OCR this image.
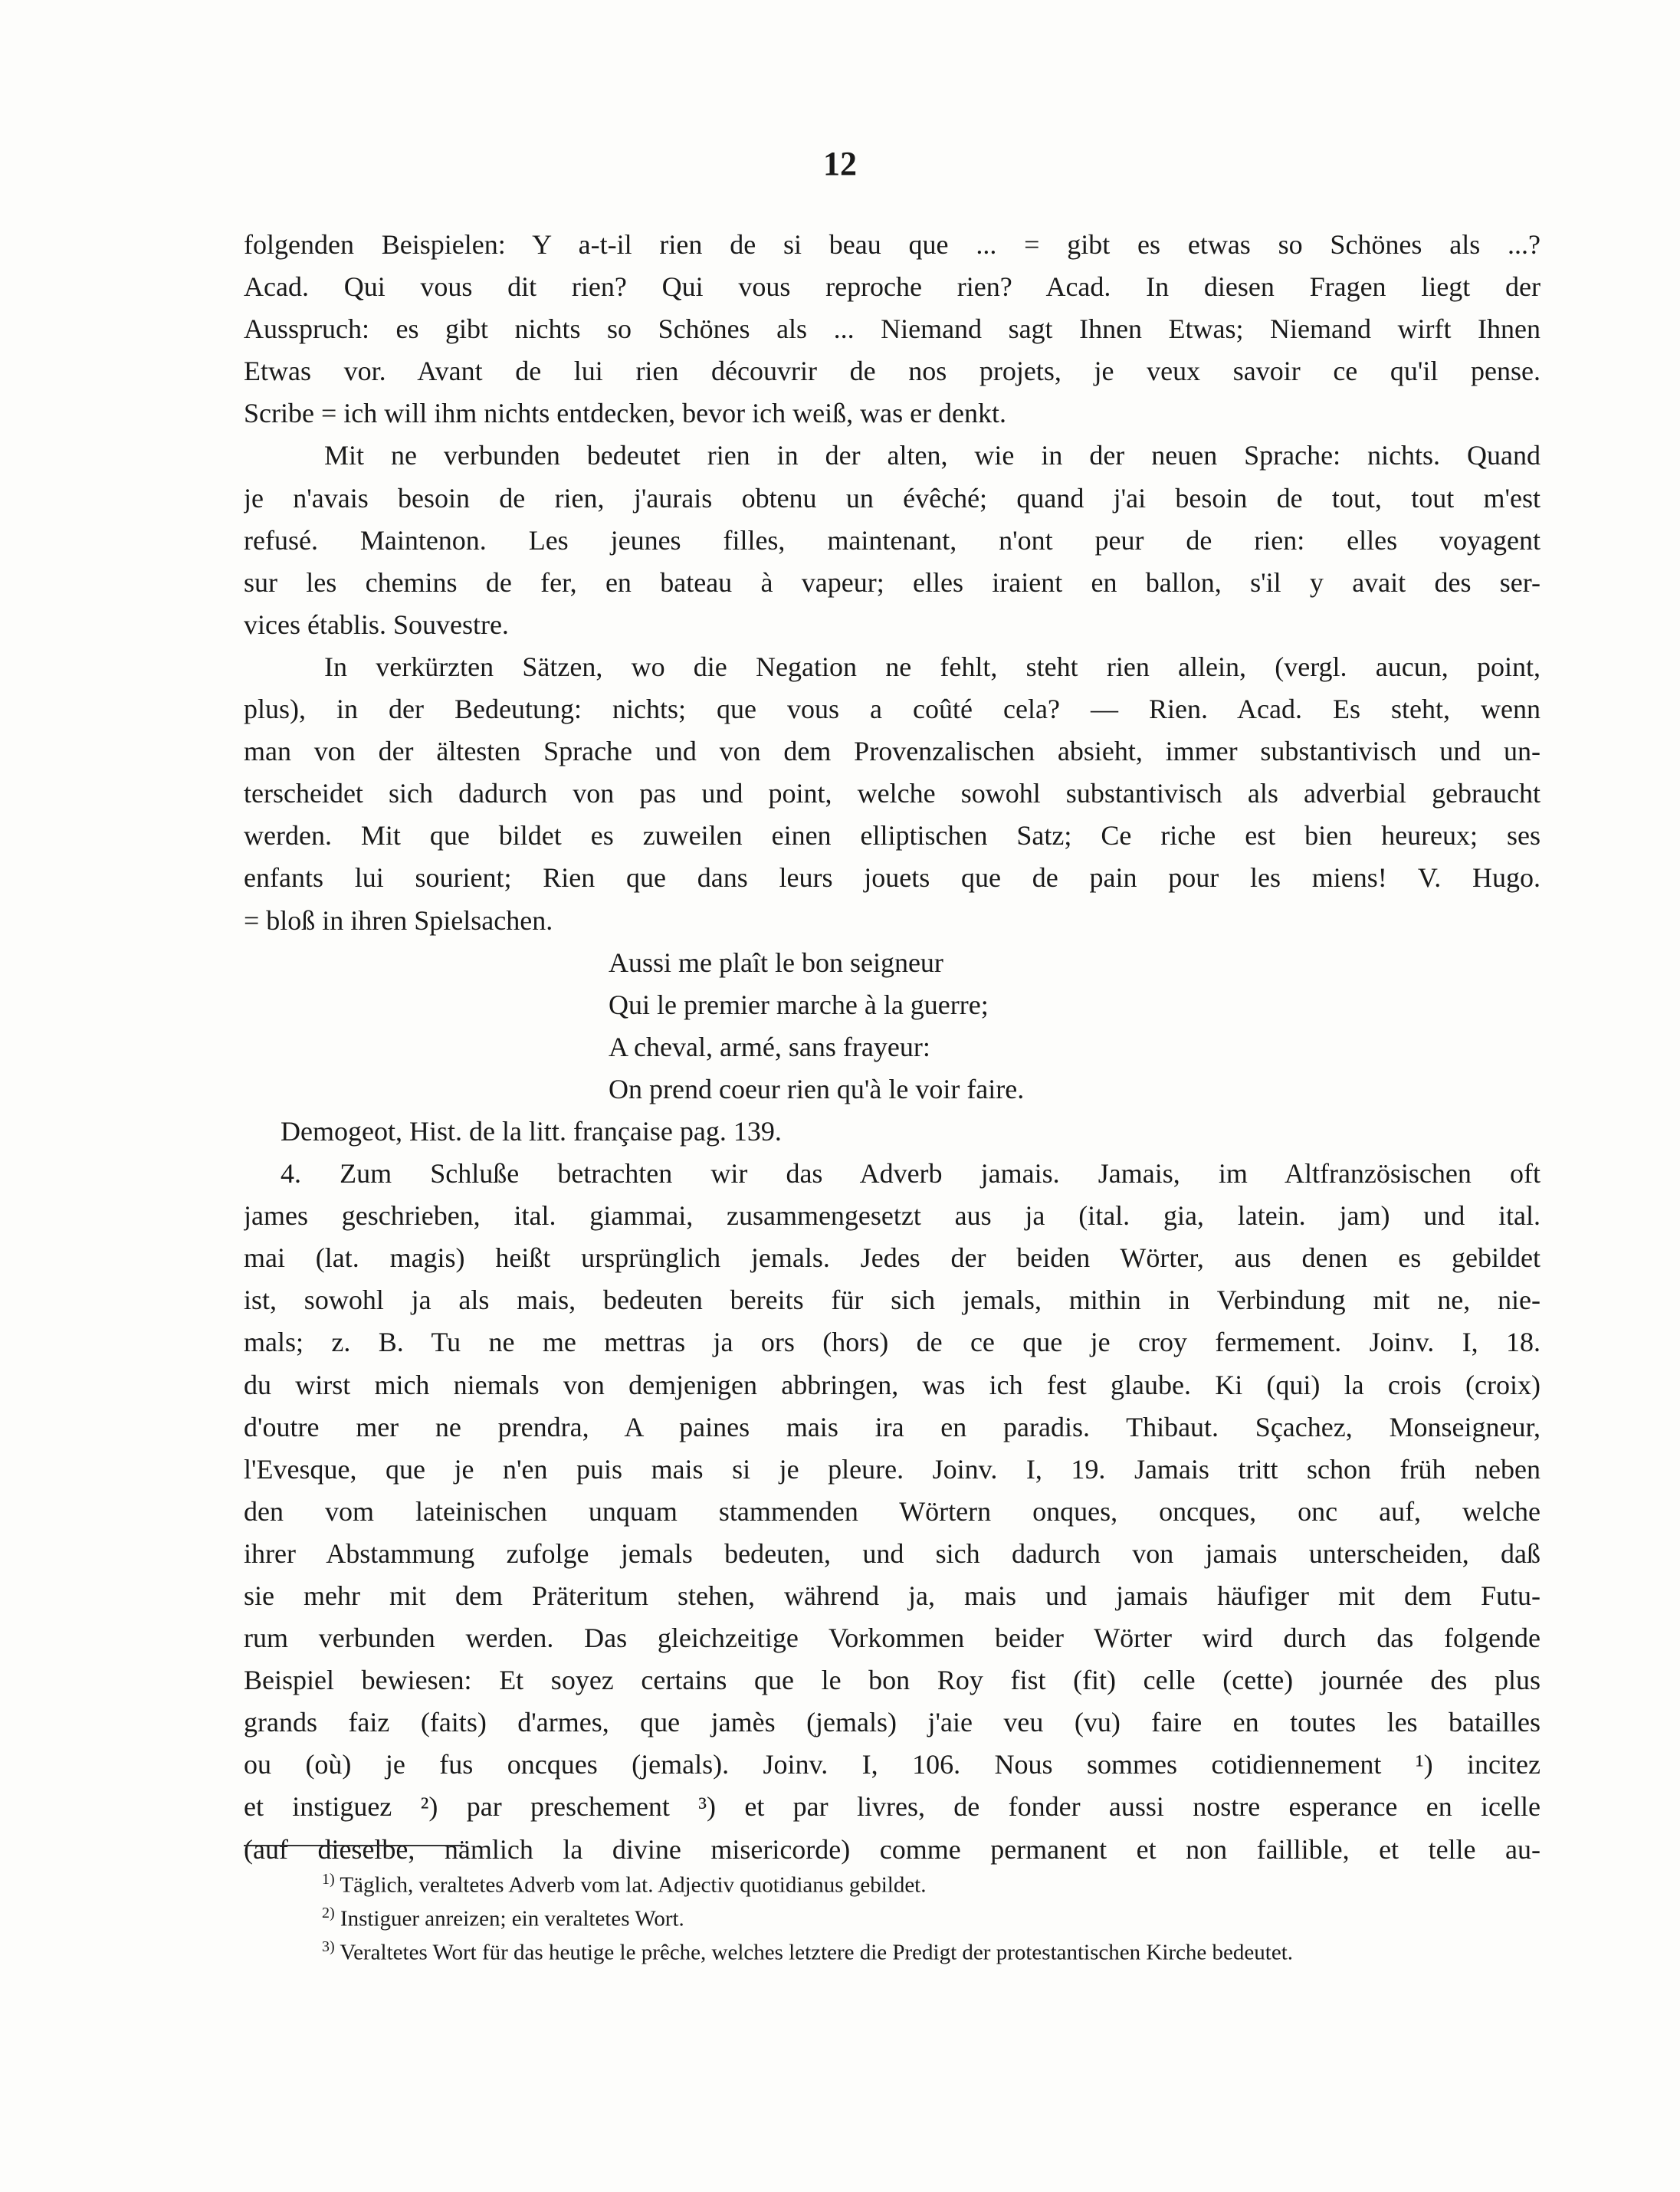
12
folgenden Beispielen: Y a-t-il rien de si beau que ... = gibt es etwas so Schönes als ...?
Acad. Qui vous dit rien? Qui vous reproche rien? Acad. In diesen Fragen liegt der
Ausspruch: es gibt nichts so Schönes als ... Niemand sagt Ihnen Etwas; Niemand wirft Ihnen
Etwas vor. Avant de lui rien découvrir de nos projets, je veux savoir ce qu'il pense.
Scribe = ich will ihm nichts entdecken, bevor ich weiß, was er denkt.
Mit ne verbunden bedeutet rien in der alten, wie in der neuen Sprache: nichts. Quand
je n'avais besoin de rien, j'aurais obtenu un évêché; quand j'ai besoin de tout, tout m'est
refusé. Maintenon. Les jeunes filles, maintenant, n'ont peur de rien: elles voyagent
sur les chemins de fer, en bateau à vapeur; elles iraient en ballon, s'il y avait des ser-
vices établis. Souvestre.
In verkürzten Sätzen, wo die Negation ne fehlt, steht rien allein, (vergl. aucun, point,
plus), in der Bedeutung: nichts; que vous a coûté cela? — Rien. Acad. Es steht, wenn
man von der ältesten Sprache und von dem Provenzalischen absieht, immer substantivisch und un-
terscheidet sich dadurch von pas und point, welche sowohl substantivisch als adverbial gebraucht
werden. Mit que bildet es zuweilen einen elliptischen Satz; Ce riche est bien heureux; ses
enfants lui sourient; Rien que dans leurs jouets que de pain pour les miens! V. Hugo.
= bloß in ihren Spielsachen.
Aussi me plaît le bon seigneur
Qui le premier marche à la guerre;
A cheval, armé, sans frayeur:
On prend coeur rien qu'à le voir faire.
Demogeot, Hist. de la litt. française pag. 139.
4. Zum Schluße betrachten wir das Adverb jamais. Jamais, im Altfranzösischen oft
james geschrieben, ital. giammai, zusammengesetzt aus ja (ital. gia, latein. jam) und ital.
mai (lat. magis) heißt ursprünglich jemals. Jedes der beiden Wörter, aus denen es gebildet
ist, sowohl ja als mais, bedeuten bereits für sich jemals, mithin in Verbindung mit ne, nie-
mals; z. B. Tu ne me mettras ja ors (hors) de ce que je croy fermement. Joinv. I, 18.
du wirst mich niemals von demjenigen abbringen, was ich fest glaube. Ki (qui) la crois (croix)
d'outre mer ne prendra, A paines mais ira en paradis. Thibaut. Sçachez, Monseigneur,
l'Evesque, que je n'en puis mais si je pleure. Joinv. I, 19. Jamais tritt schon früh neben
den vom lateinischen unquam stammenden Wörtern onques, oncques, onc auf, welche
ihrer Abstammung zufolge jemals bedeuten, und sich dadurch von jamais unterscheiden, daß
sie mehr mit dem Präteritum stehen, während ja, mais und jamais häufiger mit dem Futu-
rum verbunden werden. Das gleichzeitige Vorkommen beider Wörter wird durch das folgende
Beispiel bewiesen: Et soyez certains que le bon Roy fist (fit) celle (cette) journée des plus
grands faiz (faits) d'armes, que jamès (jemals) j'aie veu (vu) faire en toutes les batailles
ou (où) je fus oncques (jemals). Joinv. I, 106. Nous sommes cotidiennement ¹) incitez
et instiguez ²) par preschement ³) et par livres, de fonder aussi nostre esperance en icelle
(auf dieselbe, nämlich la divine misericorde) comme permanent et non faillible, et telle au-
$^{1)}$ Täglich, veraltetes Adverb vom lat. Adjectiv quotidianus gebildet.
$^{2)}$ Instiguer anreizen; ein veraltetes Wort.
$^{3)}$ Veraltetes Wort für das heutige le prêche, welches letztere die Predigt der protestantischen Kirche bedeutet.
